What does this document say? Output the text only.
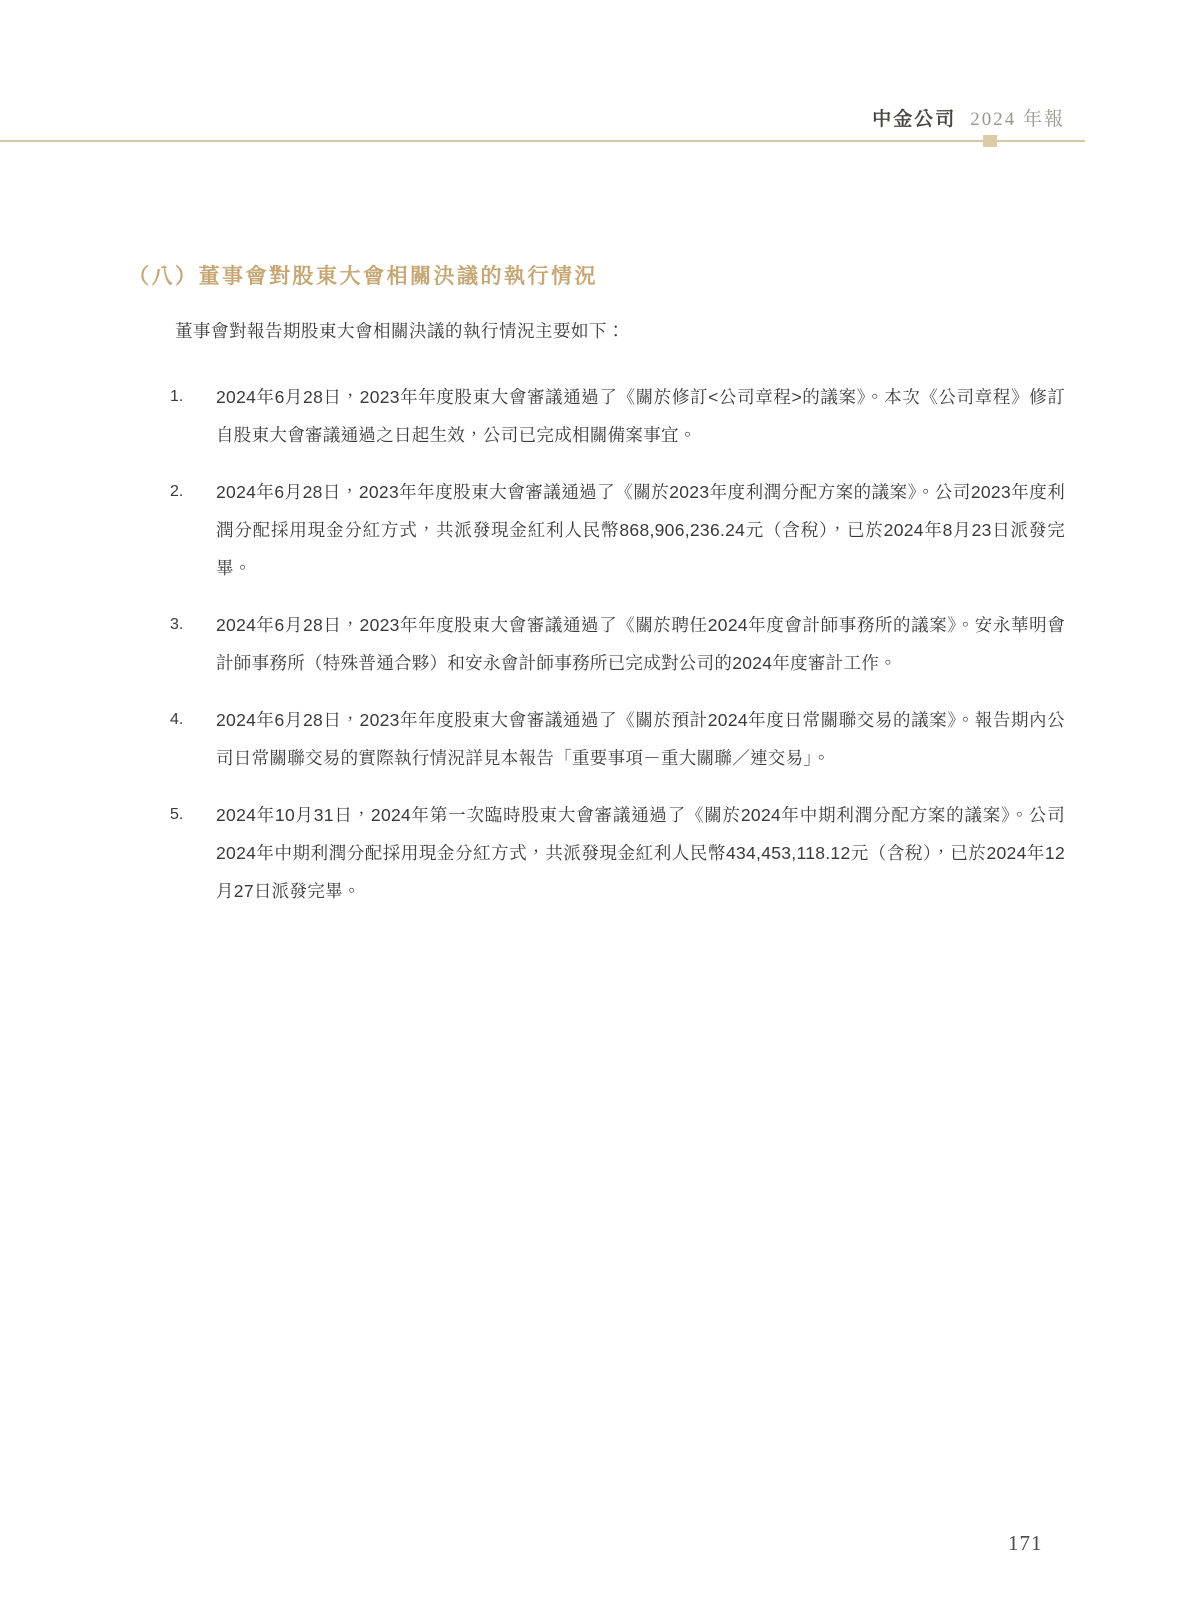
中金公司 2024 年報
（八）董事會對股東大會相關決議的執行情況

董事會對報告期股東大會相關決議的執行情況主要如下：

1.	2024年6月28日，2023年年度股東大會審議通過了《關於修訂<公司章程>的議案》。本次《公司章程》修訂自股東大會審議通過之日起生效，公司已完成相關備案事宜。
2.	2024年6月28日，2023年年度股東大會審議通過了《關於2023年度利潤分配方案的議案》。公司2023年度利潤分配採用現金分紅方式，共派發現金紅利人民幣868,906,236.24元（含稅），已於2024年8月23日派發完畢。
3.	2024年6月28日，2023年年度股東大會審議通過了《關於聘任2024年度會計師事務所的議案》。安永華明會計師事務所（特殊普通合夥）和安永會計師事務所已完成對公司的2024年度審計工作。
4.	2024年6月28日，2023年年度股東大會審議通過了《關於預計2024年度日常關聯交易的議案》。報告期內公司日常關聯交易的實際執行情況詳見本報告「重要事項－重大關聯／連交易」。
5.	2024年10月31日，2024年第一次臨時股東大會審議通過了《關於2024年中期利潤分配方案的議案》。公司2024年中期利潤分配採用現金分紅方式，共派發現金紅利人民幣434,453,118.12元（含稅），已於2024年12月27日派發完畢。
171
